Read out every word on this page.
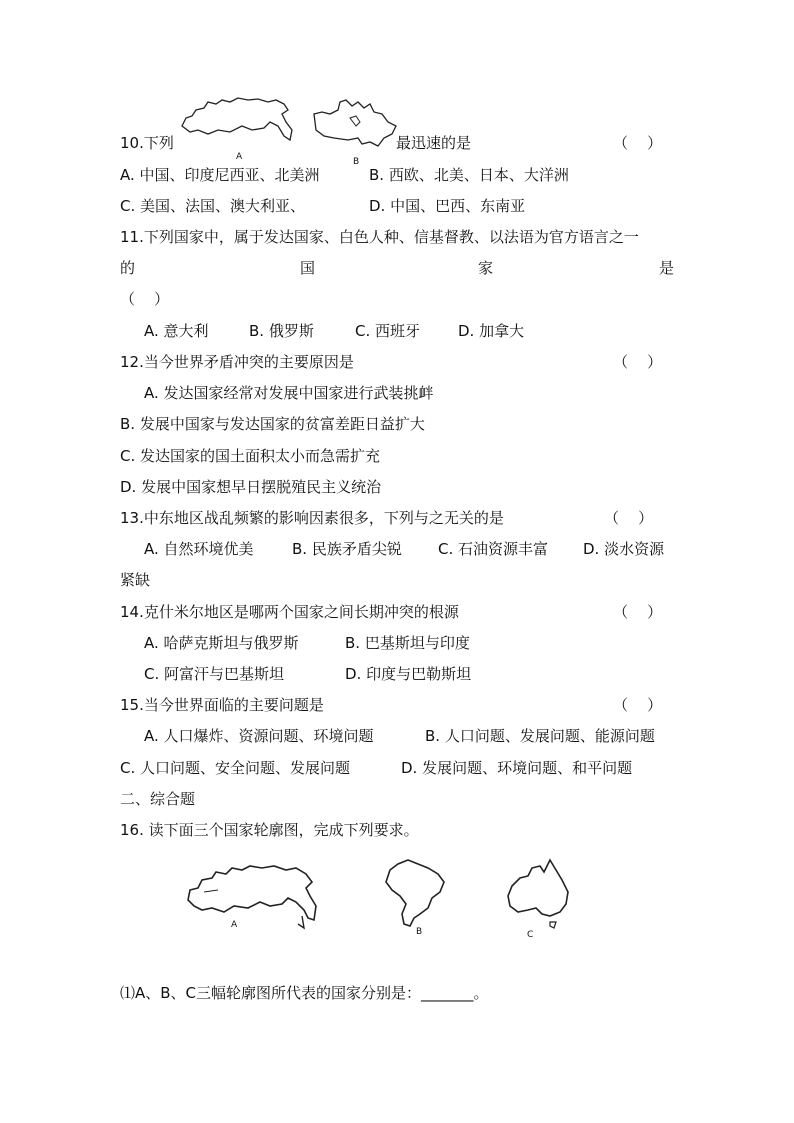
A	B
10.下列	最迅速的是	（    ）
A. 中国、印度尼西亚、北美洲	B. 西欧、北美、日本、大洋洲
C. 美国、法国、澳大利亚、	D. 中国、巴西、东南亚
11.下列国家中，属于发达国家、白色人种、信基督教、以法语为官方语言之一
的	国	家	是
（    ）
A. 意大利	B. 俄罗斯	C. 西班牙	D. 加拿大
12.当今世界矛盾冲突的主要原因是	（    ）
A. 发达国家经常对发展中国家进行武装挑衅
B. 发展中国家与发达国家的贫富差距日益扩大
C. 发达国家的国土面积太小而急需扩充
D. 发展中国家想早日摆脱殖民主义统治
13.中东地区战乱频繁的影响因素很多，下列与之无关的是	（    ）
A. 自然环境优美	B. 民族矛盾尖锐 C. 石油资源丰富 D. 淡水资源
紧缺
14.克什米尔地区是哪两个国家之间长期冲突的根源	（    ）
A. 哈萨克斯坦与俄罗斯	B. 巴基斯坦与印度
C. 阿富汗与巴基斯坦	D. 印度与巴勒斯坦
15.当今世界面临的主要问题是	（    ）
A. 人口爆炸、资源问题、环境问题	B. 人口问题、发展问题、能源问题
C. 人口问题、安全问题、发展问题	D. 发展问题、环境问题、和平问题
二、综合题
16. 读下面三个国家轮廓图，完成下列要求。
A
B	C
⑴A、B、C三幅轮廓图所代表的国家分别是：_______。
